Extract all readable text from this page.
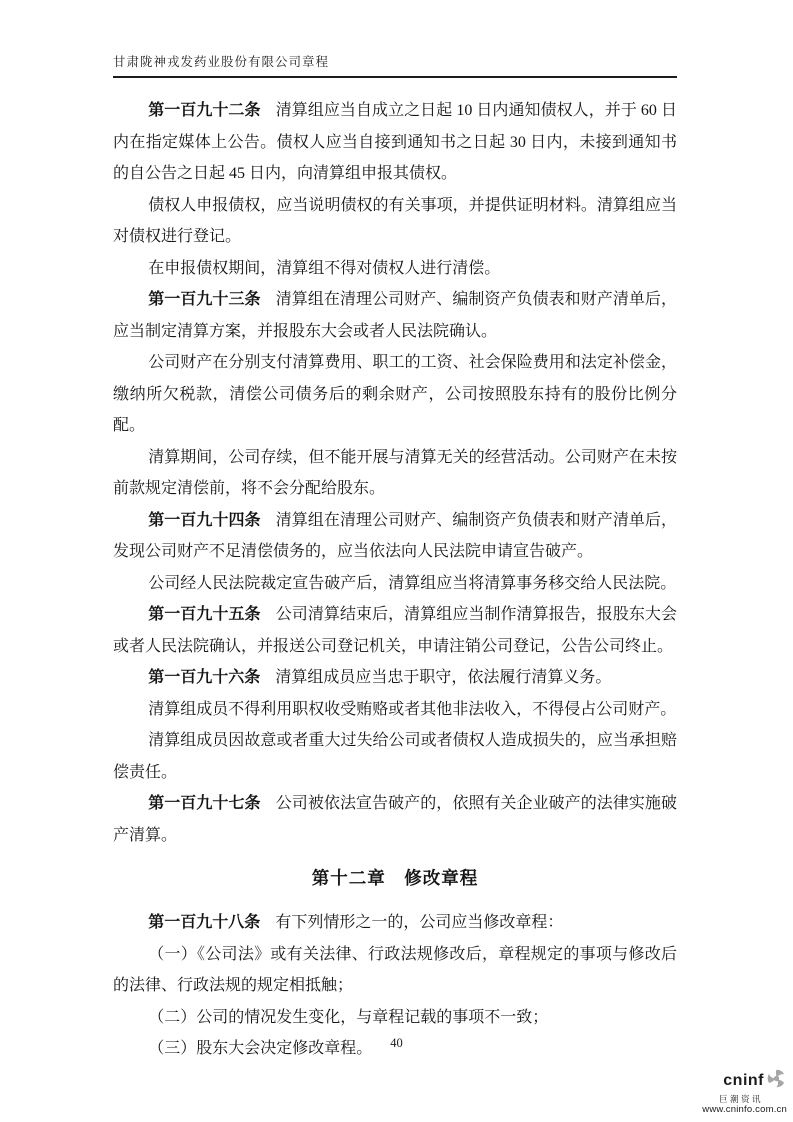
甘肃陇神戎发药业股份有限公司章程

第一百九十二条 清算组应当自成立之日起 10 日内通知债权人，并于 60 日内在指定媒体上公告。债权人应当自接到通知书之日起 30 日内，未接到通知书的自公告之日起 45 日内，向清算组申报其债权。

债权人申报债权，应当说明债权的有关事项，并提供证明材料。清算组应当对债权进行登记。

在申报债权期间，清算组不得对债权人进行清偿。

第一百九十三条 清算组在清理公司财产、编制资产负债表和财产清单后，应当制定清算方案，并报股东大会或者人民法院确认。

公司财产在分别支付清算费用、职工的工资、社会保险费用和法定补偿金，缴纳所欠税款，清偿公司债务后的剩余财产，公司按照股东持有的股份比例分配。

清算期间，公司存续，但不能开展与清算无关的经营活动。公司财产在未按前款规定清偿前，将不会分配给股东。

第一百九十四条 清算组在清理公司财产、编制资产负债表和财产清单后，发现公司财产不足清偿债务的，应当依法向人民法院申请宣告破产。

公司经人民法院裁定宣告破产后，清算组应当将清算事务移交给人民法院。

第一百九十五条 公司清算结束后，清算组应当制作清算报告，报股东大会或者人民法院确认，并报送公司登记机关，申请注销公司登记，公告公司终止。

第一百九十六条 清算组成员应当忠于职守，依法履行清算义务。

清算组成员不得利用职权收受贿赂或者其他非法收入，不得侵占公司财产。

清算组成员因故意或者重大过失给公司或者债权人造成损失的，应当承担赔偿责任。

第一百九十七条 公司被依法宣告破产的，依照有关企业破产的法律实施破产清算。

第十二章　修改章程

第一百九十八条 有下列情形之一的，公司应当修改章程：

（一）《公司法》或有关法律、行政法规修改后，章程规定的事项与修改后的法律、行政法规的规定相抵触；

（二）公司的情况发生变化，与章程记载的事项不一致；

（三）股东大会决定修改章程。	40
cninf
巨潮资讯
www.cninfo.com.cn
